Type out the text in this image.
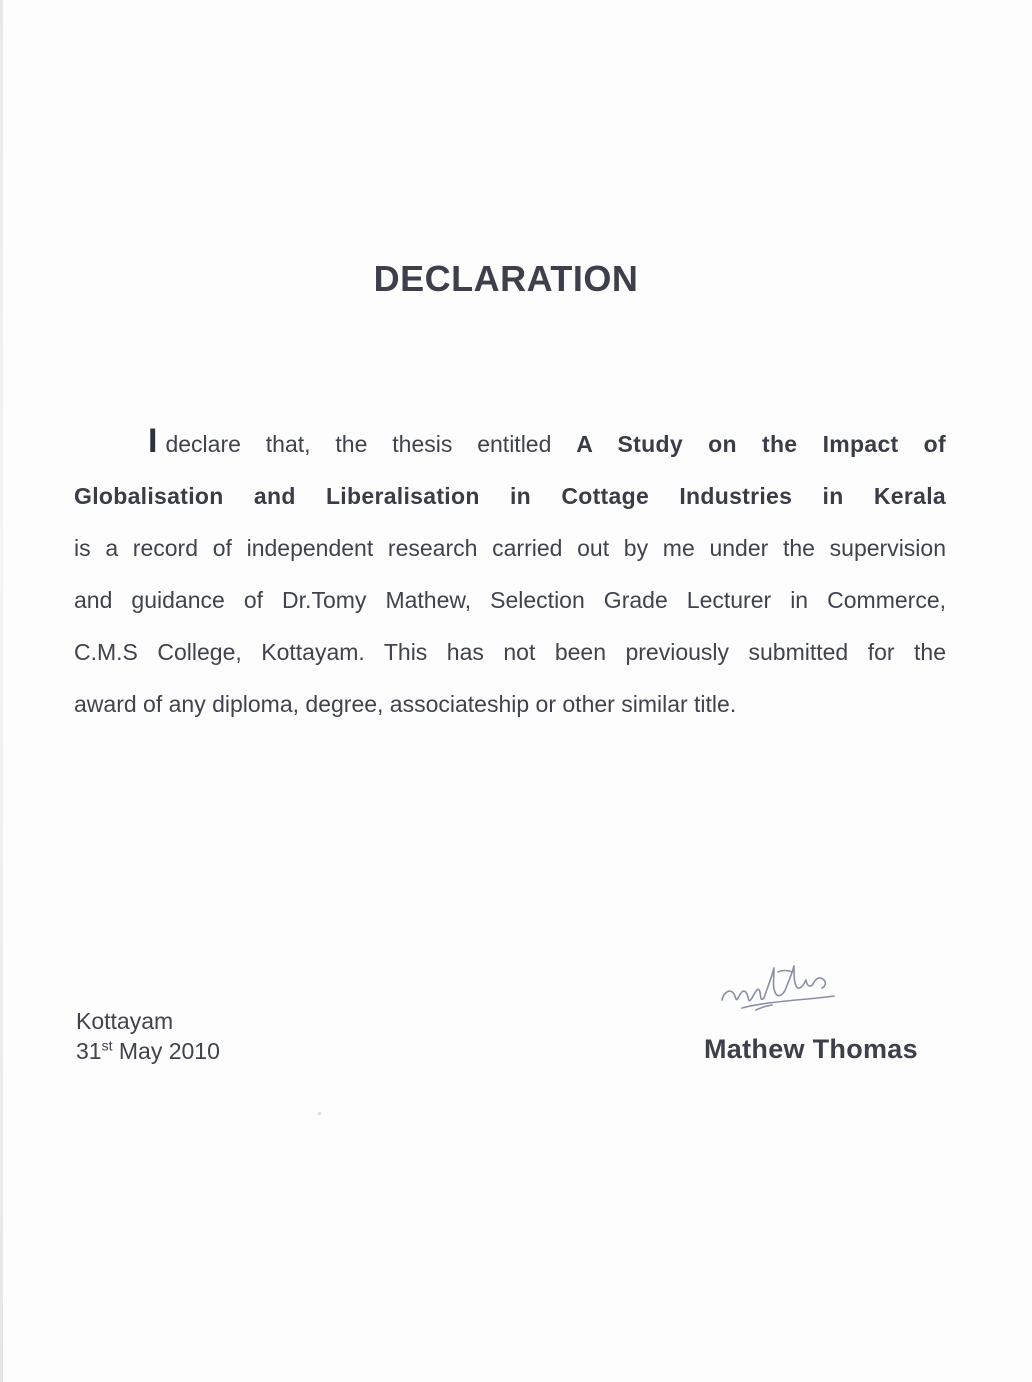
DECLARATION
I declare that, the thesis entitled A Study on the Impact of
Globalisation and Liberalisation in Cottage Industries in Kerala
is a record of independent research carried out by me under the supervision
and guidance of Dr.Tomy Mathew, Selection Grade Lecturer in Commerce,
C.M.S College, Kottayam. This has not been previously submitted for the
award of any diploma, degree, associateship or other similar title.
Kottayam
31st May 2010	Mathew Thomas
